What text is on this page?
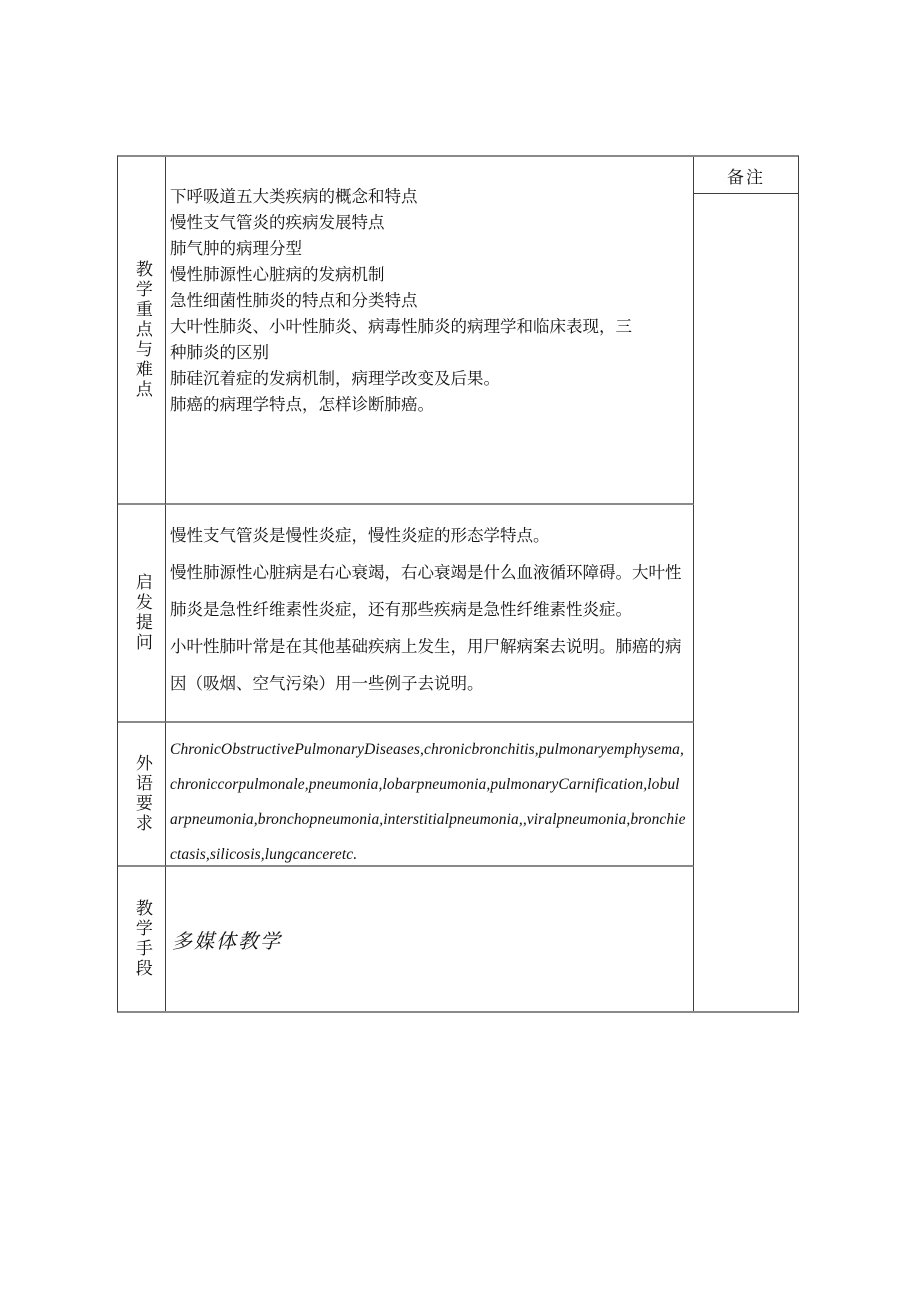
教学重点与难点
下呼吸道五大类疾病的概念和特点
慢性支气管炎的疾病发展特点
肺气肿的病理分型
慢性肺源性心脏病的发病机制
急性细菌性肺炎的特点和分类特点
大叶性肺炎、小叶性肺炎、病毒性肺炎的病理学和临床表现，三
种肺炎的区别
肺硅沉着症的发病机制，病理学改变及后果。
肺癌的病理学特点，怎样诊断肺癌。
备注
启发提问
慢性支气管炎是慢性炎症，慢性炎症的形态学特点。
慢性肺源性心脏病是右心衰竭，右心衰竭是什么血液循环障碍。大叶性
肺炎是急性纤维素性炎症，还有那些疾病是急性纤维素性炎症。
小叶性肺叶常是在其他基础疾病上发生，用尸解病案去说明。肺癌的病
因（吸烟、空气污染）用一些例子去说明。
外语要求
ChronicObstructivePulmonaryDiseases,chronicbronchitis,pulmonaryemphysema,chroniccorpulmonale,pneumonia,lobarpneumonia,pulmonaryCarnification,lobularpneumonia,bronchopneumonia,interstitialpneumonia,,viralpneumonia,bronchiectasis,silicosis,lungcanceretc.
教学手段 多媒体教学
